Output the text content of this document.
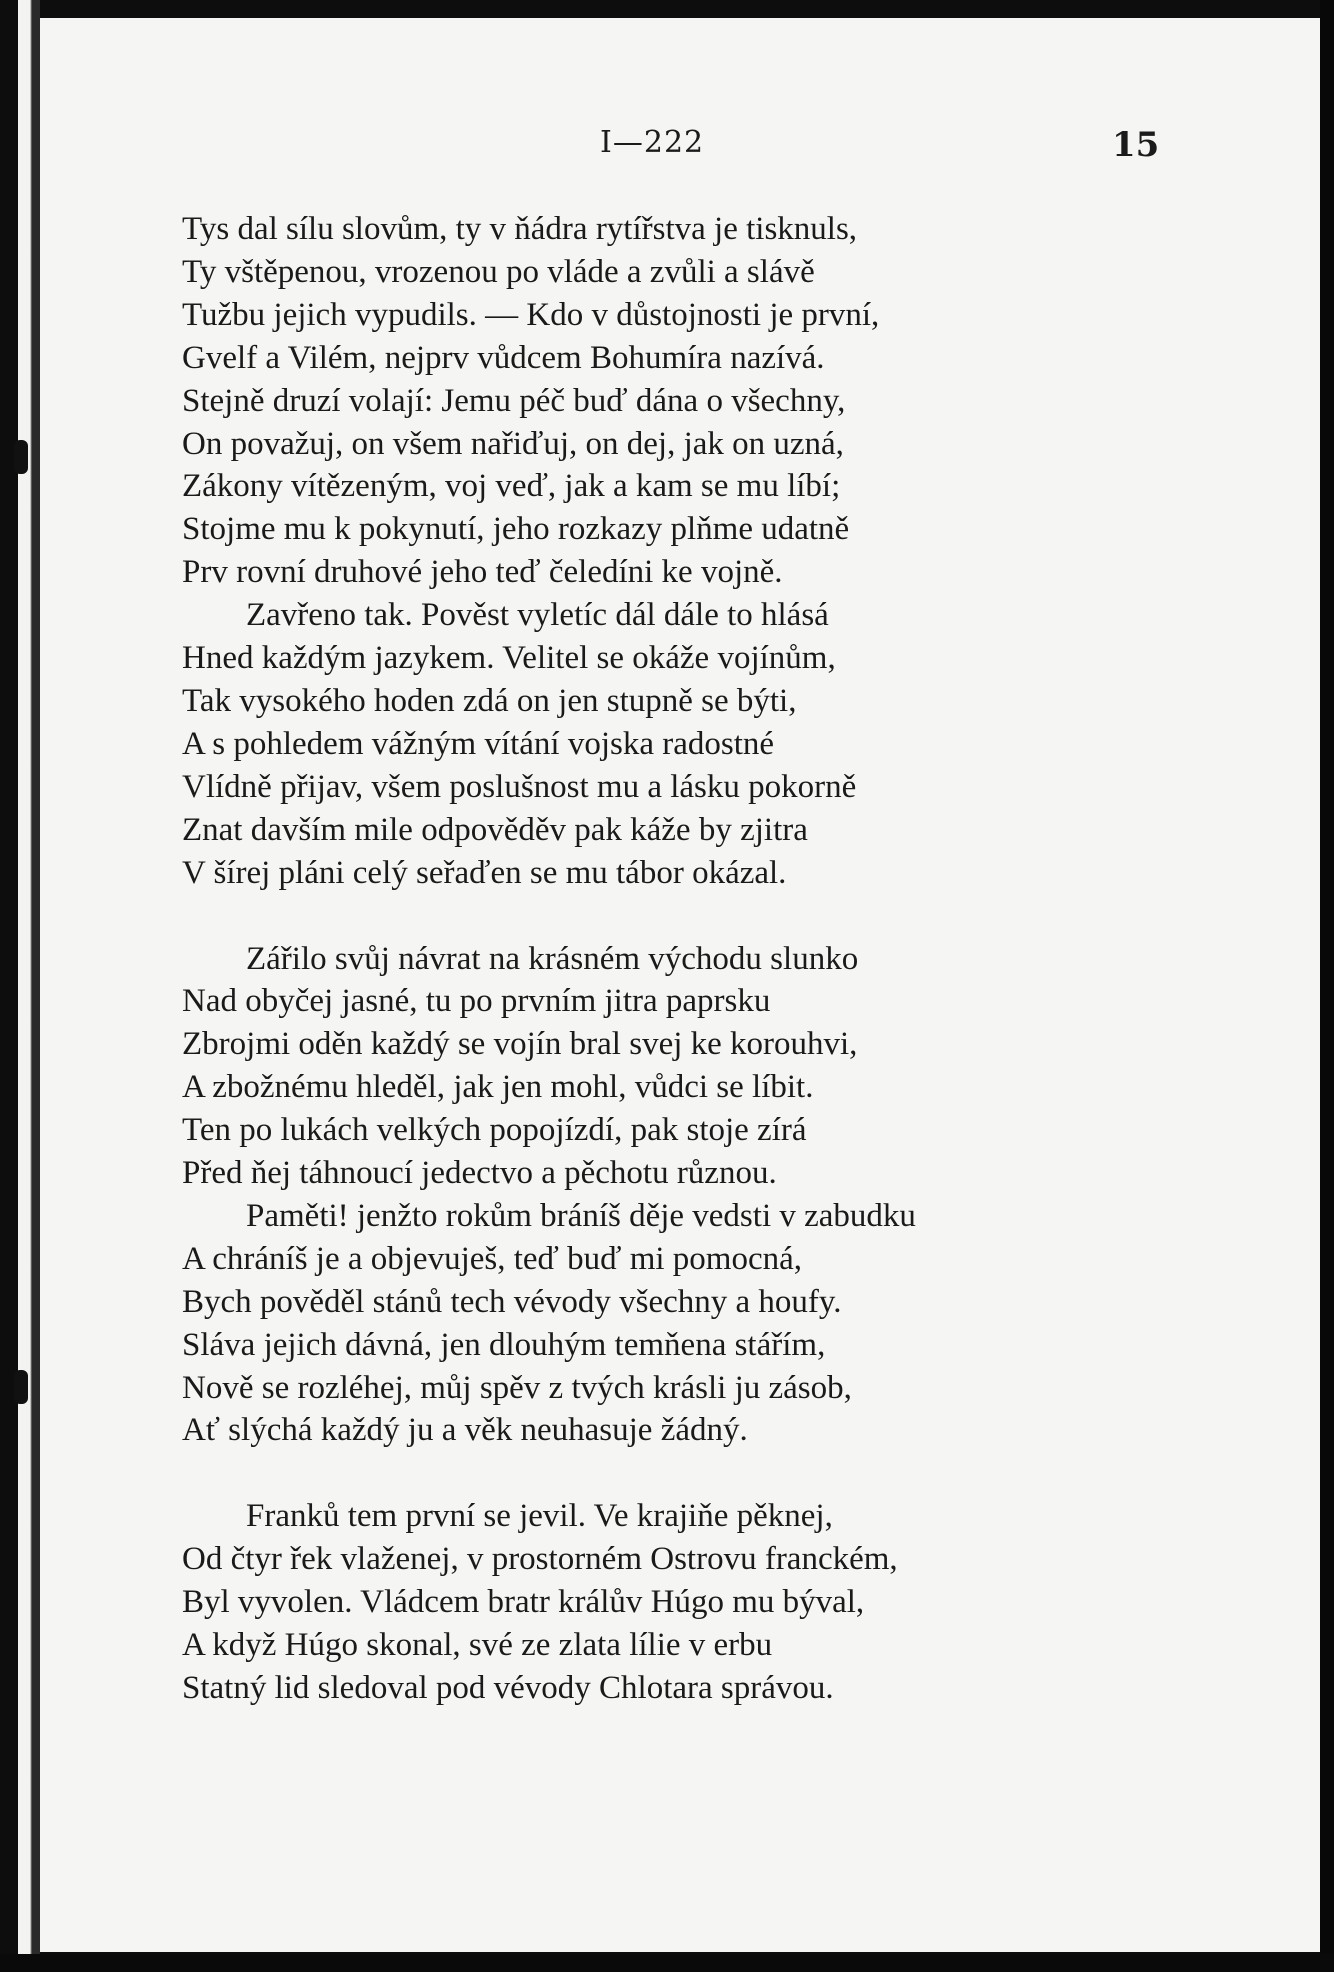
I—222	15
Tys dal sílu slovům, ty v ňádra rytířstva je tisknuls,
Ty vštěpenou, vrozenou po vláde a zvůli a slávě
Tužbu jejich vypudils. — Kdo v důstojnosti je první,
Gvelf a Vilém, nejprv vůdcem Bohumíra nazívá.
Stejně druzí volají: Jemu péč buď dána o všechny,
On považuj, on všem nařiďuj, on dej, jak on uzná,
Zákony vítězeným, voj veď, jak a kam se mu líbí;
Stojme mu k pokynutí, jeho rozkazy plňme udatně
Prv rovní druhové jeho teď čeledíni ke vojně.
Zavřeno tak. Pověst vyletíc dál dále to hlásá
Hned každým jazykem. Velitel se okáže vojínům,
Tak vysokého hoden zdá on jen stupně se býti,
A s pohledem vážným vítání vojska radostné
Vlídně přijav, všem poslušnost mu a lásku pokorně
Znat davším mile odpověděv pak káže by zjitra
V šírej pláni celý seřaďen se mu tábor okázal.
Zářilo svůj návrat na krásném východu slunko
Nad obyčej jasné, tu po prvním jitra paprsku
Zbrojmi oděn každý se vojín bral svej ke korouhvi,
A zbožnému hleděl, jak jen mohl, vůdci se líbit.
Ten po lukách velkých popojízdí, pak stoje zírá
Před ňej táhnoucí jedectvo a pěchotu různou.
Paměti! jenžto rokům bráníš děje vedsti v zabudku
A chráníš je a objevuješ, teď buď mi pomocná,
Bych pověděl stánů tech vévody všechny a houfy.
Sláva jejich dávná, jen dlouhým temňena stářím,
Nově se rozléhej, můj spěv z tvých krásli ju zásob,
Ať slýchá každý ju a věk neuhasuje žádný.
Franků tem první se jevil. Ve krajiňe pěknej,
Od čtyr řek vlaženej, v prostorném Ostrovu franckém,
Byl vyvolen. Vládcem bratr králův Húgo mu býval,
A když Húgo skonal, své ze zlata lílie v erbu
Statný lid sledoval pod vévody Chlotara správou.
